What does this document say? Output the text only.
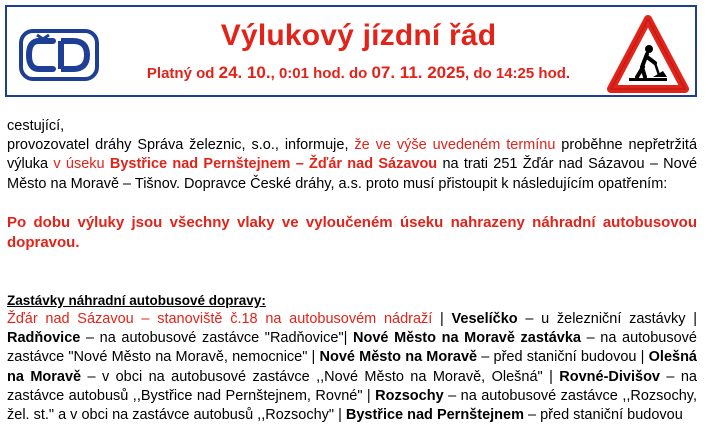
Výlukový jízdní řád
Platný od 24. 10., 0:01 hod. do 07. 11. 2025, do 14:25 hod.

cestující,

provozovatel dráhy Správa železnic, s.o., informuje, že ve výše uvedeném termínu proběhne nepřetržitá výluka v úseku Bystřice nad Pernštejnem – Žďár nad Sázavou na trati 251 Žďár nad Sázavou – Nové Město na Moravě – Tišnov. Dopravce České dráhy, a.s. proto musí přistoupit k následujícím opatřením:

Po dobu výluky jsou všechny vlaky ve vyloučeném úseku nahrazeny náhradní autobusovou dopravou.

Zastávky náhradní autobusové dopravy:

Žďár nad Sázavou – stanoviště č.18 na autobusovém nádraží | Veselíčko – u železniční zastávky | Radňovice – na autobusové zastávce "Radňovice"| Nové Město na Moravě zastávka – na autobusové zastávce "Nové Město na Moravě, nemocnice" | Nové Město na Moravě – před staniční budovou | Olešná na Moravě – v obci na autobusové zastávce ,,Nové Město na Moravě, Olešná" | Rovné-Divišov – na zastávce autobusů ,,Bystřice nad Pernštejnem, Rovné" | Rozsochy – na autobusové zastávce ,,Rozsochy, žel. st." a v obci na zastávce autobusů ,,Rozsochy" | Bystřice nad Pernštejnem – před staniční budovou
